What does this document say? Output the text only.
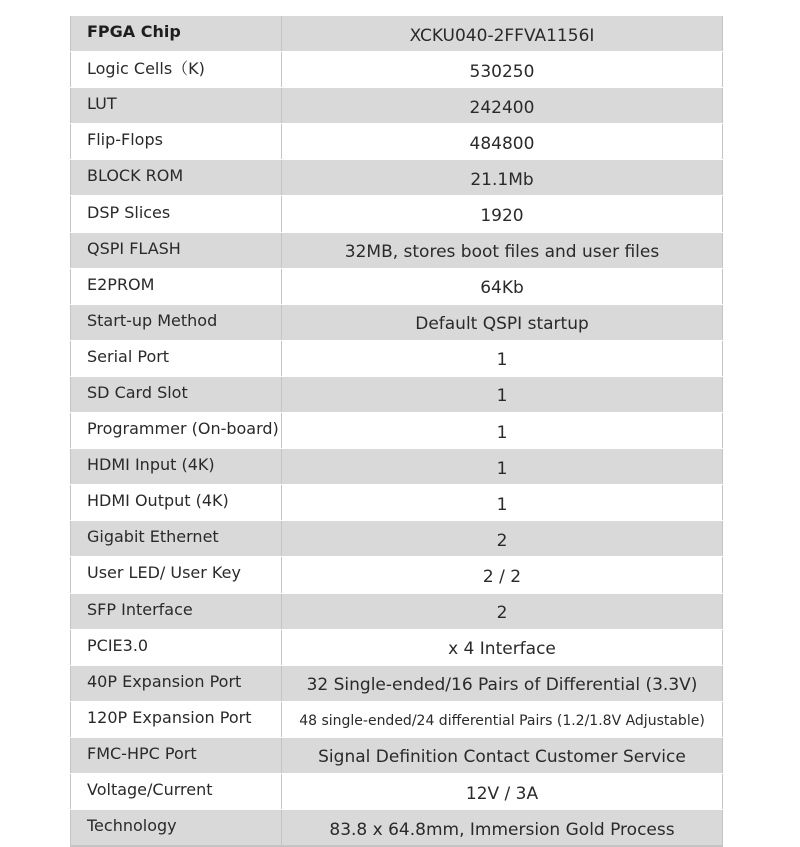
FPGA Chip	XCKU040-2FFVA1156I
Logic Cells（K)	530250
LUT	242400
Flip-Flops	484800
BLOCK ROM	21.1Mb
DSP Slices	1920
QSPI FLASH	32MB, stores boot files and user files
E2PROM	64Kb
Start-up Method	Default QSPI startup
Serial Port	1
SD Card Slot	1
Programmer (On-board)	1
HDMI Input (4K)	1
HDMI Output (4K)	1
Gigabit Ethernet	2
User LED/ User Key	2 / 2
SFP Interface	2
PCIE3.0	x 4 Interface
40P Expansion Port	32 Single-ended/16 Pairs of Differential (3.3V)
120P Expansion Port	48 single-ended/24 differential Pairs (1.2/1.8V Adjustable)
FMC-HPC Port	Signal Definition Contact Customer Service
Voltage/Current	12V / 3A
Technology	83.8 x 64.8mm, Immersion Gold Process
